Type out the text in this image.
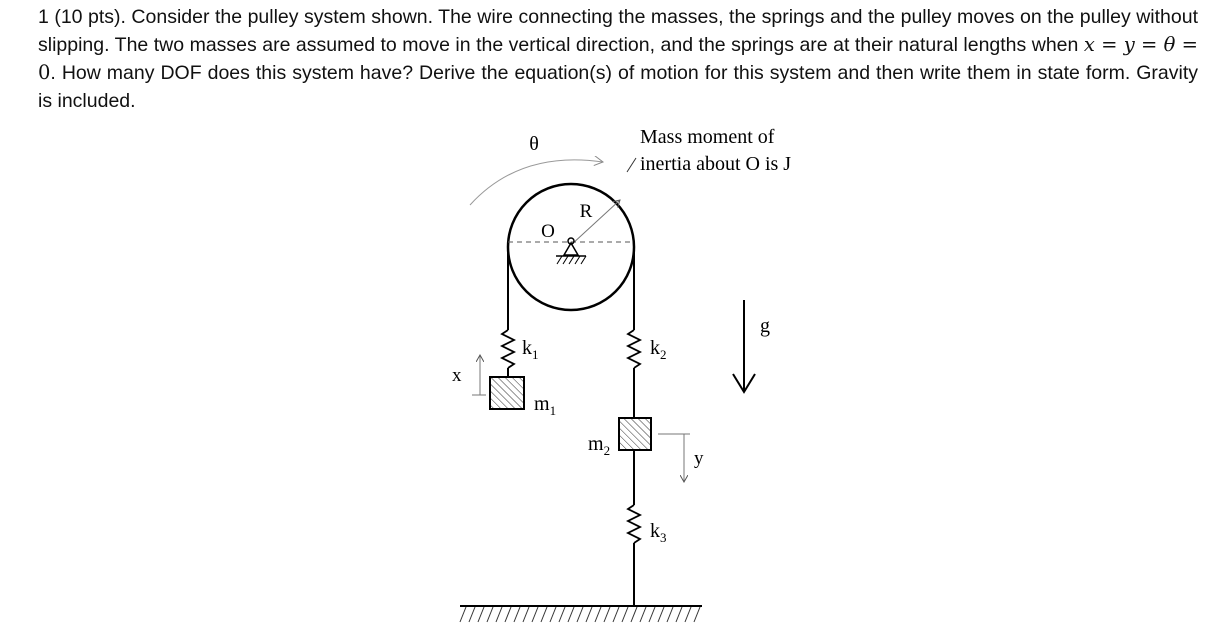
1 (10 pts). Consider the pulley system shown. The wire connecting the masses, the springs and the pulley moves on the pulley without slipping. The two masses are assumed to move in the vertical direction, and the springs are at their natural lengths when x = y = θ = 0. How many DOF does this system have? Derive the equation(s) of motion for this system and then write them in state form. Gravity is included.
θ	Mass moment of
inertia about O is J
R
O
$k_1$
$m_1$
x
$k_2$
$m_2$	y
$k_3$
g
